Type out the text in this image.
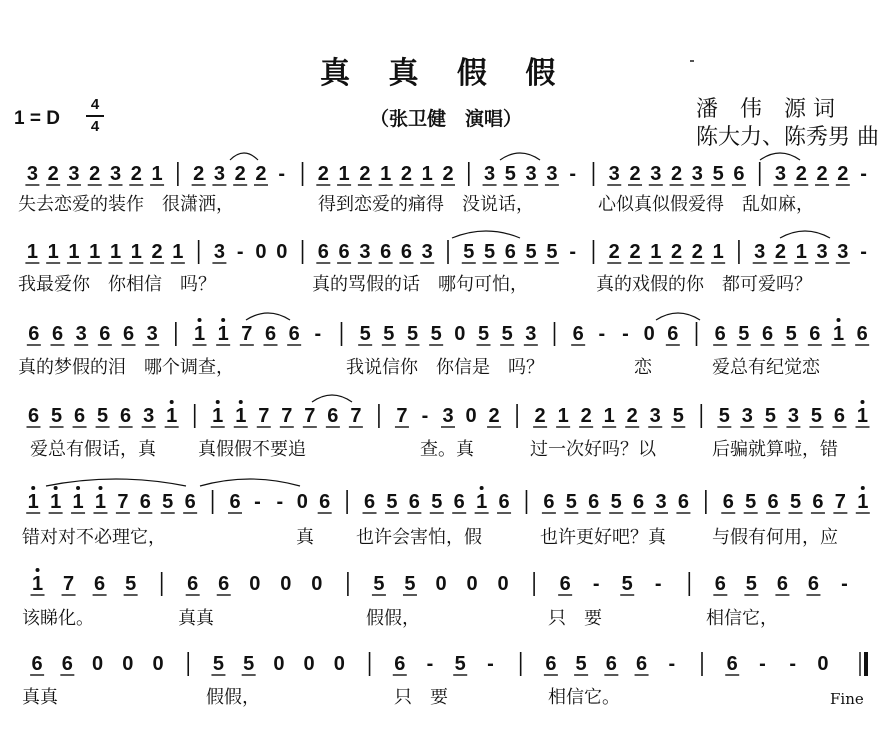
真 真 假 假
1 = D
4
4	（张卫健　演唱）	潘　伟　源 词
陈大力、陈秀男 曲
3 2 3 2 3 2 1 2 3 2 2 - 2 1 2 1 2 1 2 3 5 3 3 - 3 2 3 2 3 5 6 3 2 2 2 -
1 1 1 1 1 1 2 1 3 - 0 0 6 6 3 6 6 3 5 5 6 5 5 - 2 2 1 2 2 1 3 2 1 3 3 -
6 6 3 6 6 3 1 1 7 6 6 - 5 5 5 5 0 5 5 3 6 - - 0 6 6 5 6 5 6 1 6
6 5 6 5 6 3 1 1 1 7 7 7 6 7 7 - 3 0 2 2 1 2 1 2 3 5 5 3 5 3 5 6 1
1 1 1 1 7 6 5 6 6 - - 0 6 6 5 6 5 6 1 6 6 5 6 5 6 3 6 6 5 6 5 6 7 1
1 7 6 5	6 6 0 0 0	5 5 0 0 0	6 - 5 -	6 5 6 6 -
6 6 0 0 0 5 5 0 0 0 6 - 5 -	6 5 6 6 -	6 - - 0
失去恋爱的装作　很潇洒，	得到恋爱的痛得　没说话，	心似真似假爱得　乱如麻，
我最爱你　你相信　吗？	真的骂假的话　哪句可怕，	真的戏假的你　都可爱吗？
真的梦假的泪　哪个调查，	我说信你　你信是　吗？	恋	爱总有纪觉恋
爱总有假话，真 真假假不要追	查。真	过一次好吗？以	后骗就算啦，错
错对对不必理它，	真 也许会害怕，假	也许更好吧？真	与假有何用，应
该睇化。	真真	假假，	只　要	相信它，
真真	假假，	只　要	相信它。	Fine
